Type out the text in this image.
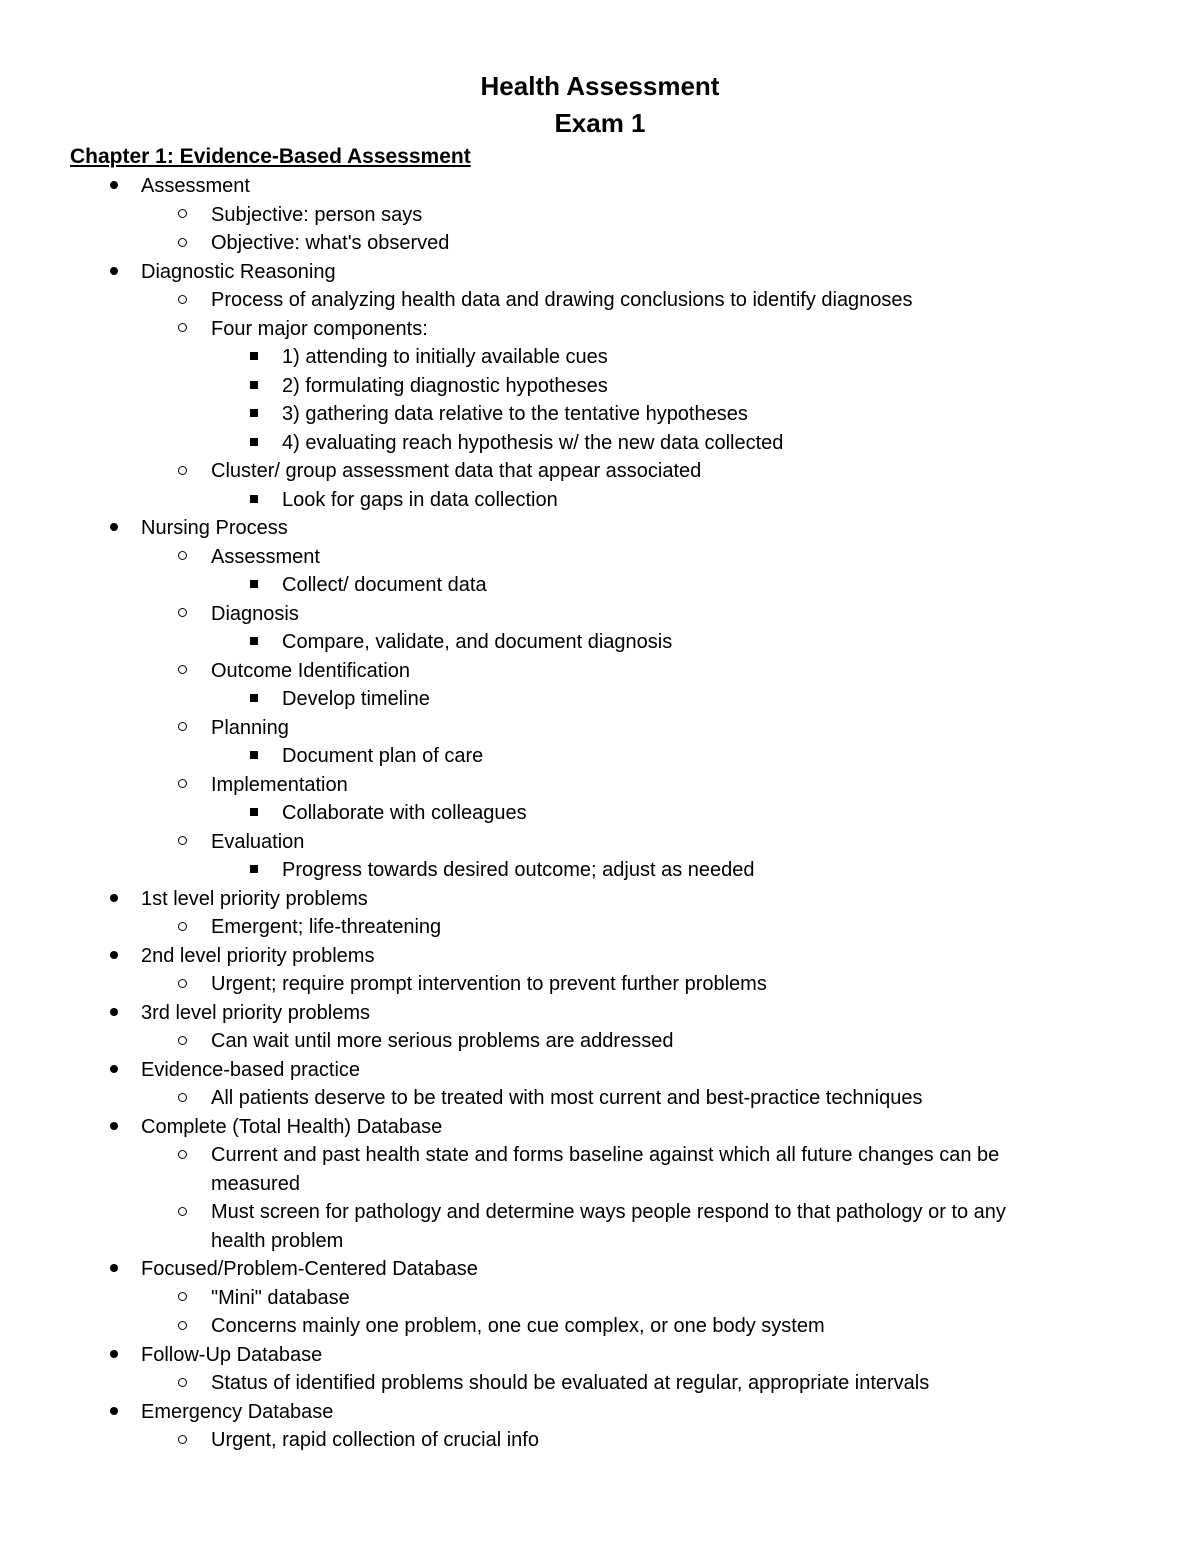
Health Assessment
Exam 1
Chapter 1: Evidence-Based Assessment
Assessment
Subjective: person says
Objective: what's observed
Diagnostic Reasoning
Process of analyzing health data and drawing conclusions to identify diagnoses
Four major components:
1) attending to initially available cues
2) formulating diagnostic hypotheses
3) gathering data relative to the tentative hypotheses
4) evaluating reach hypothesis w/ the new data collected
Cluster/ group assessment data that appear associated
Look for gaps in data collection
Nursing Process
Assessment
Collect/ document data
Diagnosis
Compare, validate, and document diagnosis
Outcome Identification
Develop timeline
Planning
Document plan of care
Implementation
Collaborate with colleagues
Evaluation
Progress towards desired outcome; adjust as needed
1st level priority problems
Emergent; life-threatening
2nd level priority problems
Urgent; require prompt intervention to prevent further problems
3rd level priority problems
Can wait until more serious problems are addressed
Evidence-based practice
All patients deserve to be treated with most current and best-practice techniques
Complete (Total Health) Database
Current and past health state and forms baseline against which all future changes can be
measured
Must screen for pathology and determine ways people respond to that pathology or to any
health problem
Focused/Problem-Centered Database
"Mini" database
Concerns mainly one problem, one cue complex, or one body system
Follow-Up Database
Status of identified problems should be evaluated at regular, appropriate intervals
Emergency Database
Urgent, rapid collection of crucial info
